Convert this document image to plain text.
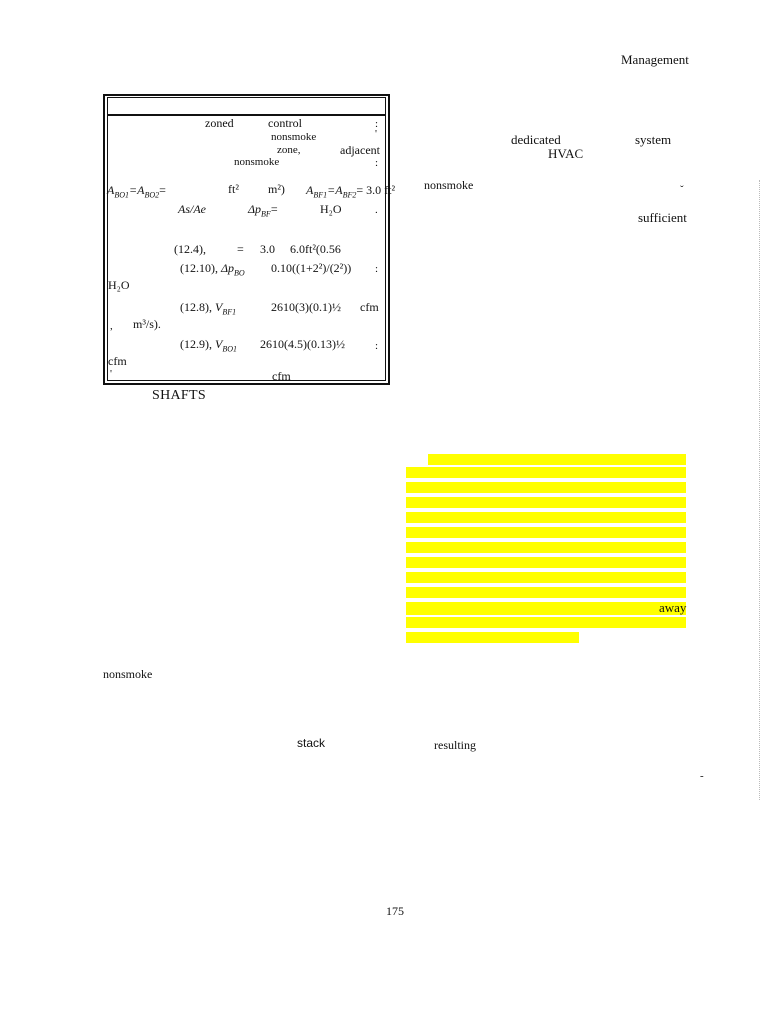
Management
zoned	control	:
nonsmoke	'
zone,	adjacent
nonsmoke	:
$A_{BO1}=A_{BO2}=$	ft² m²) $A_{BF1}=A_{BF2}= 3.0$ ft²
As/Ae	$\Delta p_{BF}=$	H₂O	.
(12.4),	= 3.0 6.0ft²(0.56
(12.10), $\Delta p_{BO}$ 0.10((1+2²)/(2²)) :
H₂O
(12.8), $V_{BF1}$	2610(3)(0.1)½ cfm
, m³/s).
(12.9), $V_{BO1}$ 2610(4.5)(0.13)½	:
cfm
'	cfm
SHAFTS
dedicated	system
HVAC
nonsmoke	ˇ
sufficient
away
nonsmoke
stack	resulting
-
175
